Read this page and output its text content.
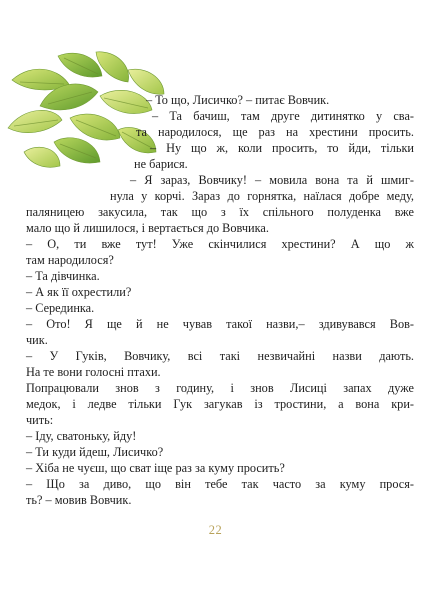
– То що, Лисичко? – питає Вовчик.
– Та бачиш, там друге дитинятко у сва-
та народилося, ще раз на хрестини просить.
– Ну що ж, коли просить, то йди, тільки
не барися.
– Я зараз, Вовчику! – мовила вона та й шмиг-
нула у корчі. Зараз до горнятка, наїлася добре меду,
паляницею закусила, так що з їх спільного полуденка вже
мало що й лишилося, і вертається до Вовчика.
– О, ти вже тут! Уже скінчилися хрестини? А що ж
там народилося?
– Та дівчинка.
– А як її охрестили?
– Серединка.
– Ото! Я ще й не чував такої назви,– здивувався Вов-
чик.
– У Гуків, Вовчику, всі такі незвичайні назви дають.
На те вони голосні птахи.
Попрацювали знов з годину, і знов Лисиці запах дуже
медок, і ледве тільки Гук загукав із тростини, а вона кри-
чить:
– Іду, сватоньку, йду!
– Ти куди йдеш, Лисичко?
– Хіба не чуєш, що сват іще раз за куму просить?
– Що за диво, що він тебе так часто за куму прося-
ть? – мовив Вовчик.
22
